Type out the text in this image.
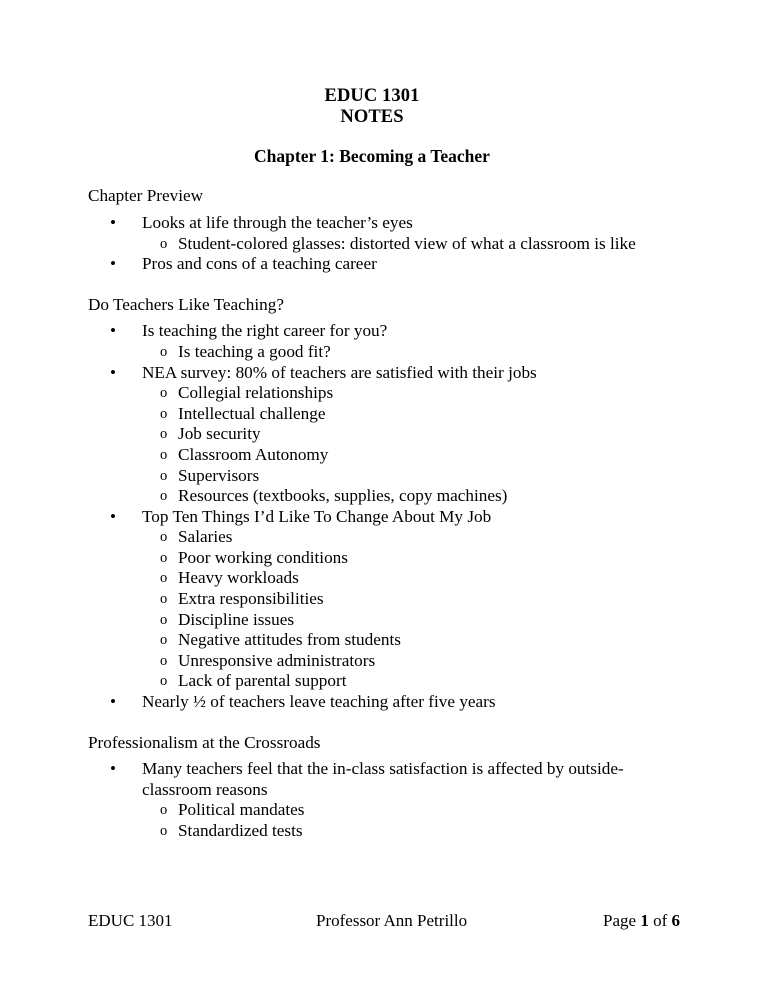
EDUC 1301
NOTES
Chapter 1: Becoming a Teacher
Chapter Preview
• Looks at life through the teacher’s eyes
o Student-colored glasses: distorted view of what a classroom is like
• Pros and cons of a teaching career
Do Teachers Like Teaching?
• Is teaching the right career for you?
o Is teaching a good fit?
• NEA survey: 80% of teachers are satisfied with their jobs
o Collegial relationships
o Intellectual challenge
o Job security
o Classroom Autonomy
o Supervisors
o Resources (textbooks, supplies, copy machines)
• Top Ten Things I’d Like To Change About My Job
o Salaries
o Poor working conditions
o Heavy workloads
o Extra responsibilities
o Discipline issues
o Negative attitudes from students
o Unresponsive administrators
o Lack of parental support
• Nearly ½ of teachers leave teaching after five years
Professionalism at the Crossroads
• Many teachers feel that the in-class satisfaction is affected by outside-classroom reasons
o Political mandates
o Standardized tests
EDUC 1301	Professor Ann Petrillo	Page 1 of 6
